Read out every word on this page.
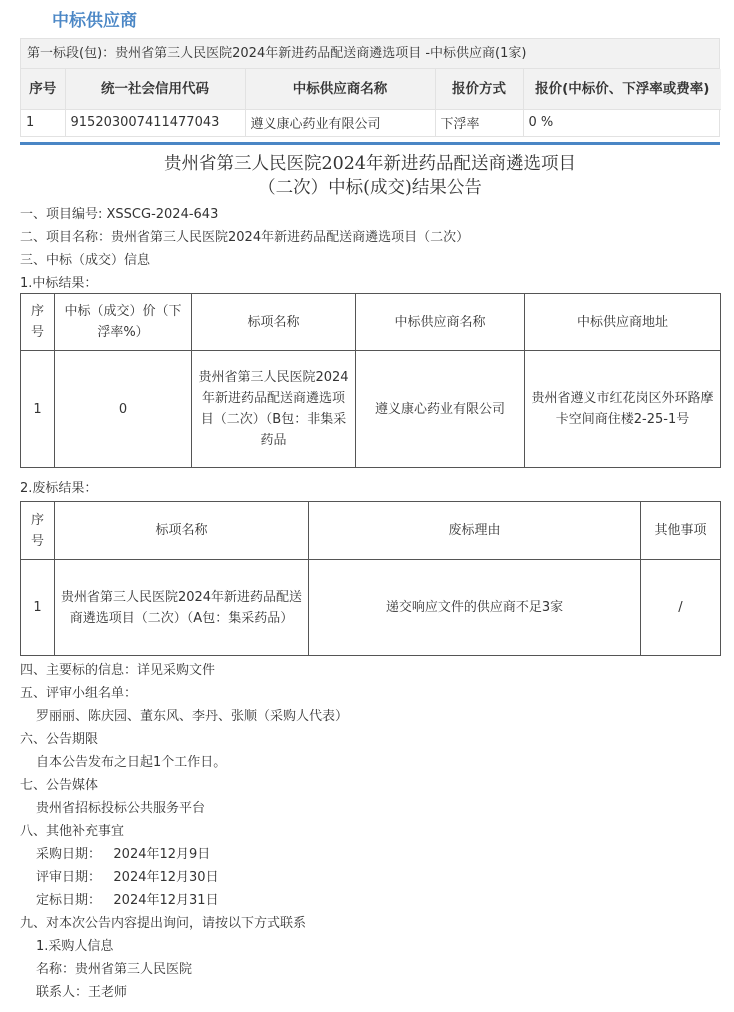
中标供应商
第一标段(包)：贵州省第三人民医院2024年新进药品配送商遴选项目 -中标供应商(1家)
序号	统一社会信用代码	中标供应商名称	报价方式	报价(中标价、下浮率或费率)
1	915203007411477043	遵义康心药业有限公司	下浮率	0 %
贵州省第三人民医院2024年新进药品配送商遴选项目
（二次）中标(成交)结果公告
一、项目编号: XSSCG-2024-643
二、项目名称：贵州省第三人民医院2024年新进药品配送商遴选项目（二次）
三、中标（成交）信息
1.中标结果：
序号	中标（成交）价（下浮率%）	标项名称	中标供应商名称	中标供应商地址
1	0	贵州省第三人民医院2024年新进药品配送商遴选项目（二次）（B包：非集采药品	遵义康心药业有限公司	贵州省遵义市红花岗区外环路摩卡空间商住楼2-25-1号
2.废标结果：
序号	标项名称	废标理由	其他事项
1	贵州省第三人民医院2024年新进药品配送商遴选项目（二次）（A包：集采药品）	递交响应文件的供应商不足3家	/
四、主要标的信息：详见采购文件
五、评审小组名单：
罗丽丽、陈庆园、董东风、李丹、张顺（采购人代表）
六、公告期限
自本公告发布之日起1个工作日。
七、公告媒体
贵州省招标投标公共服务平台
八、其他补充事宜
采购日期：   2024年12月9日
评审日期：   2024年12月30日
定标日期：   2024年12月31日
九、对本次公告内容提出询问，请按以下方式联系
1.采购人信息
名称：贵州省第三人民医院
联系人：王老师
